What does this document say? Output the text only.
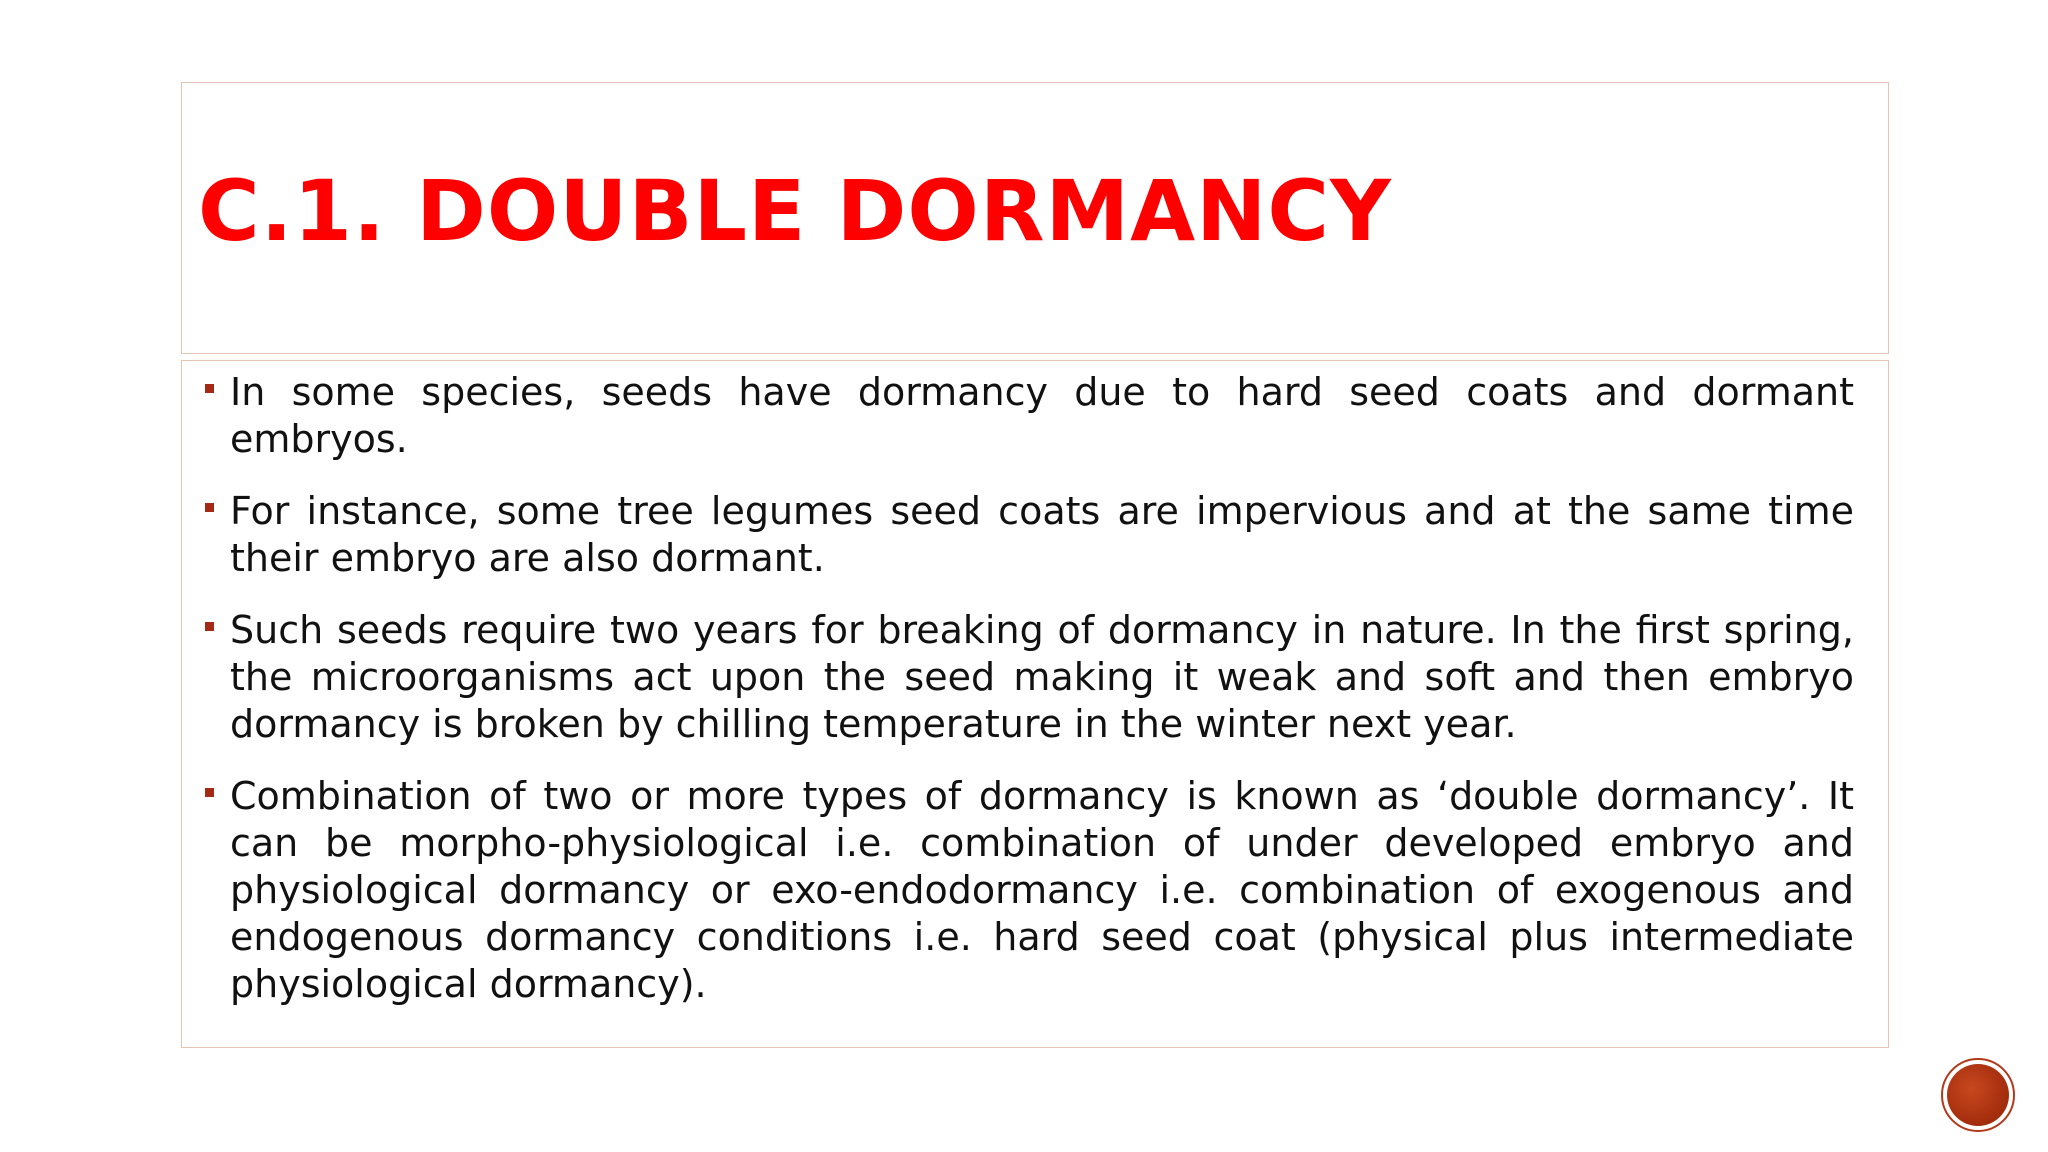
C.1. DOUBLE DORMANCY
In some species, seeds have dormancy due to hard seed coats and dormant embryos.
For instance, some tree legumes seed coats are impervious and at the same time their embryo are also dormant.
Such seeds require two years for breaking of dormancy in nature. In the first spring, the microorganisms act upon the seed making it weak and soft and then embryo dormancy is broken by chilling temperature in the winter next year.
Combination of two or more types of dormancy is known as ‘double dormancy’. It can be morpho-physiological i.e. combination of under developed embryo and physiological dormancy or exo-endodormancy i.e. combination of exogenous and endogenous dormancy conditions i.e. hard seed coat (physical plus intermediate physiological dormancy).
